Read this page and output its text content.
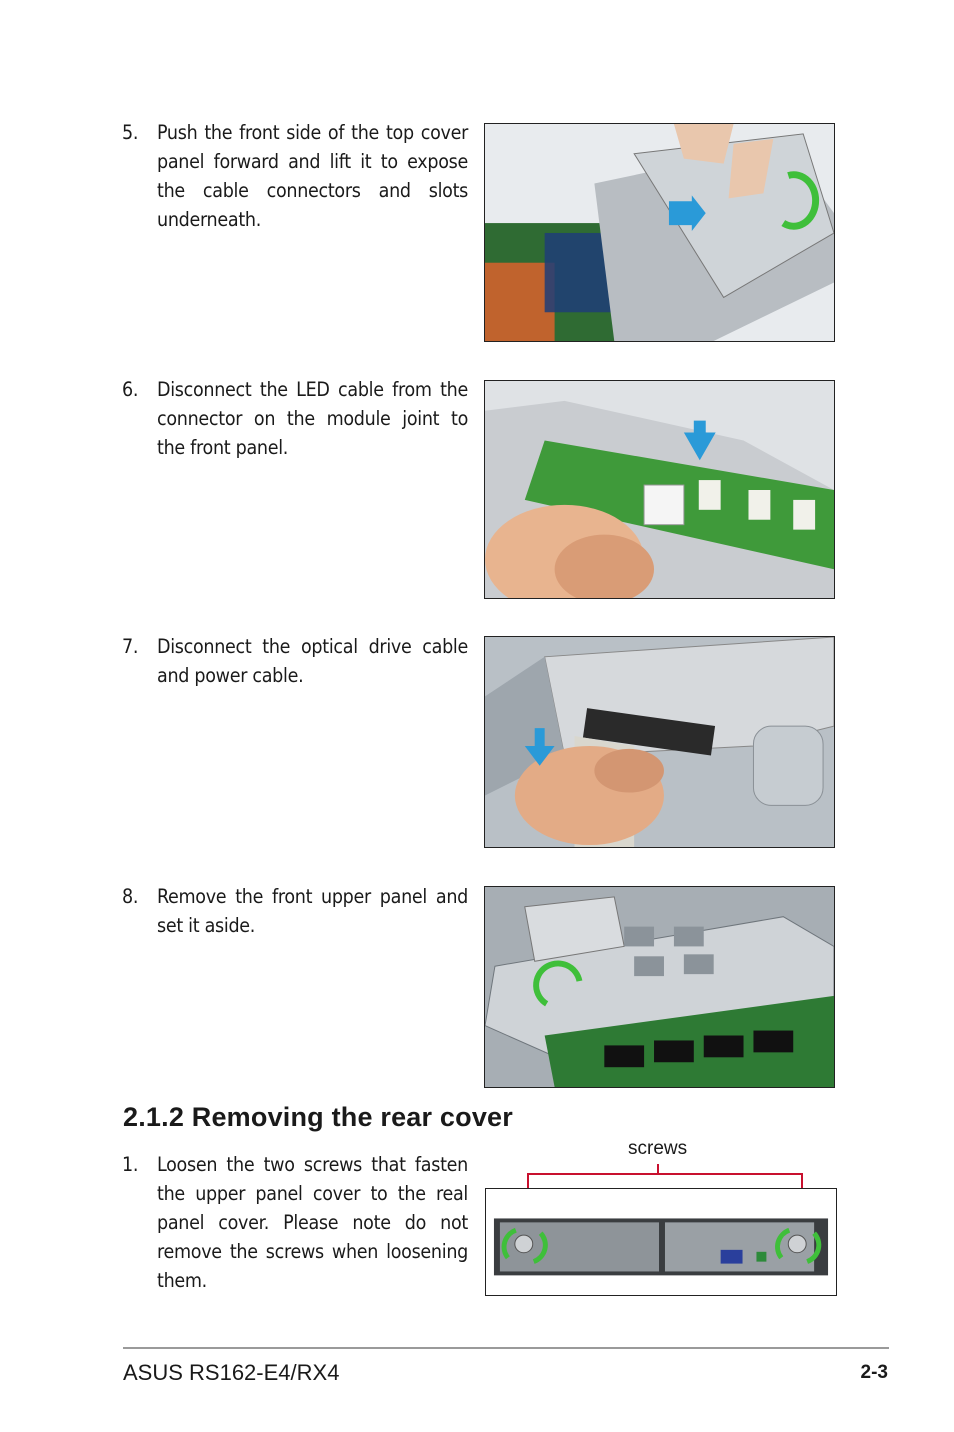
5. Push the front side of the top cover panel forward and lift it to expose the cable connectors and slots underneath.
6. Disconnect the LED cable from the connector on the module joint to the front panel.
7. Disconnect the optical drive cable and power cable.
8. Remove the front upper panel and set it aside.
2.1.2 Removing the rear cover
1. Loosen the two screws that fasten the upper panel cover to the real panel cover. Please note do not remove the screws when loosening them.
screws
ASUS RS162-E4/RX4	2-3
